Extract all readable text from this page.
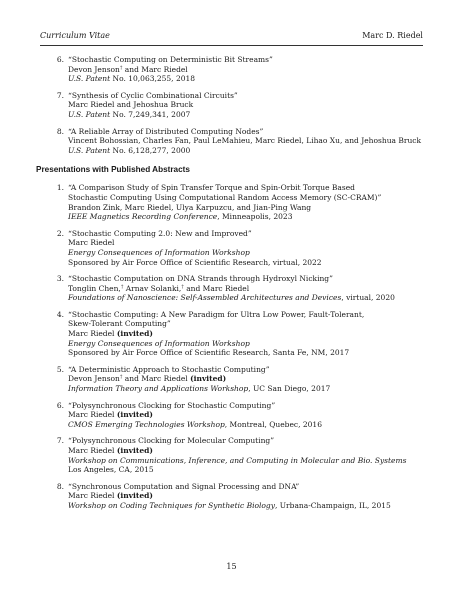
Curriculum Vitae	Marc D. Riedel
6. “Stochastic Computing on Deterministic Bit Streams”
Devon Jenson† and Marc Riedel
U.S. Patent No. 10,063,255, 2018
7. “Synthesis of Cyclic Combinational Circuits”
Marc Riedel and Jehoshua Bruck
U.S. Patent No. 7,249,341, 2007
8. “A Reliable Array of Distributed Computing Nodes”
Vincent Bohossian, Charles Fan, Paul LeMahieu, Marc Riedel, Lihao Xu, and Jehoshua Bruck
U.S. Patent No. 6,128,277, 2000
Presentations with Published Abstracts
1. “A Comparison Study of Spin Transfer Torque and Spin-Orbit Torque Based
Stochastic Computing Using Computational Random Access Memory (SC-CRAM)”
Brandon Zink, Marc Riedel, Ulya Karpuzcu, and Jian-Ping Wang
IEEE Magnetics Recording Conference, Minneapolis, 2023
2. “Stochastic Computing 2.0: New and Improved”
Marc Riedel
Energy Consequences of Information Workshop
Sponsored by Air Force Office of Scientific Research, virtual, 2022
3. “Stochastic Computation on DNA Strands through Hydroxyl Nicking”
Tonglin Chen,† Arnav Solanki,† and Marc Riedel
Foundations of Nanoscience: Self-Assembled Architectures and Devices, virtual, 2020
4. “Stochastic Computing: A New Paradigm for Ultra Low Power, Fault-Tolerant,
Skew-Tolerant Computing”
Marc Riedel (invited)
Energy Consequences of Information Workshop
Sponsored by Air Force Office of Scientific Research, Santa Fe, NM, 2017
5. “A Deterministic Approach to Stochastic Computing”
Devon Jenson† and Marc Riedel (invited)
Information Theory and Applications Workshop, UC San Diego, 2017
6. “Polysynchronous Clocking for Stochastic Computing”
Marc Riedel (invited)
CMOS Emerging Technologies Workshop, Montreal, Quebec, 2016
7. “Polysynchronous Clocking for Molecular Computing”
Marc Riedel (invited)
Workshop on Communications, Inference, and Computing in Molecular and Bio. Systems
Los Angeles, CA, 2015
8. “Synchronous Computation and Signal Processing and DNA”
Marc Riedel (invited)
Workshop on Coding Techniques for Synthetic Biology, Urbana-Champaign, IL, 2015
15
